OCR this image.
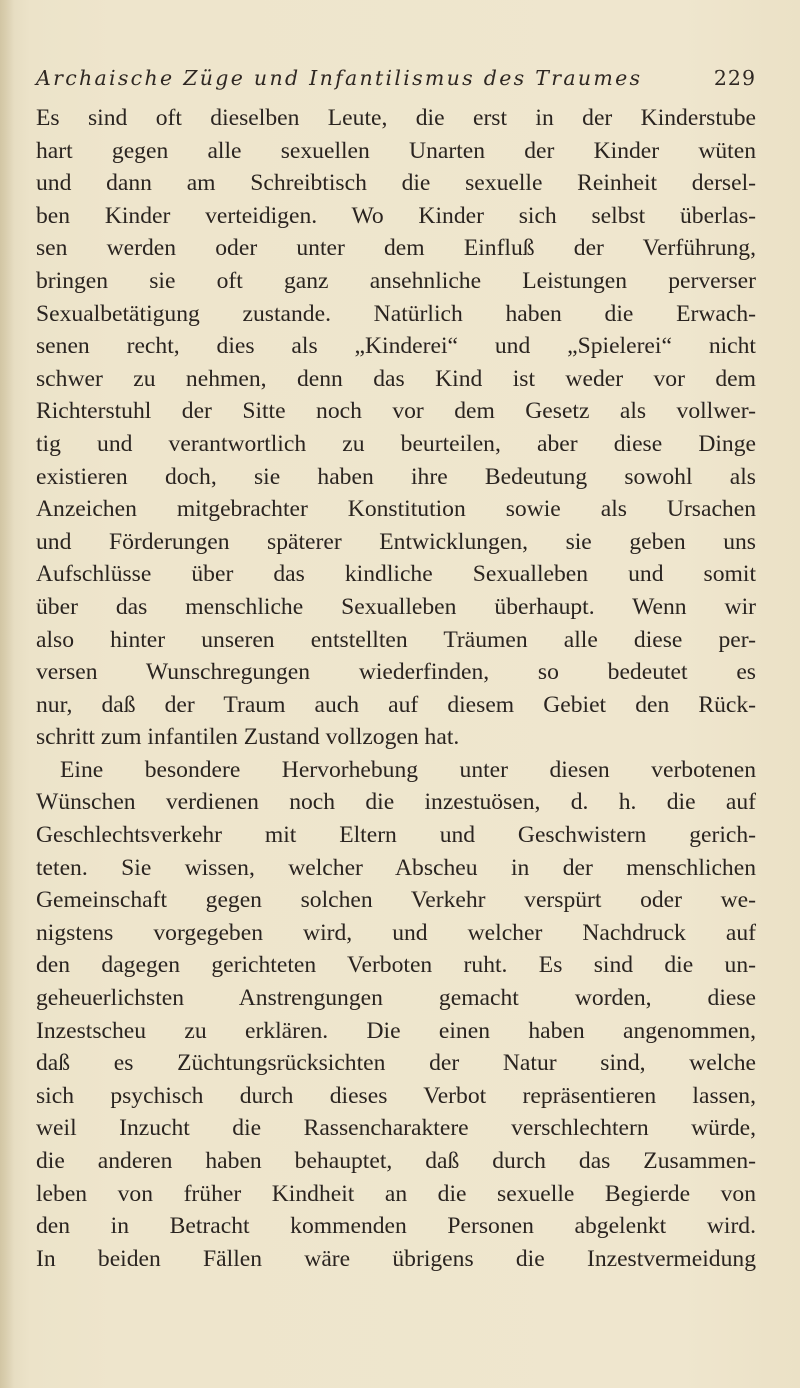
Archaische Züge und Infantilismus des Traumes	229
Es sind oft dieselben Leute, die erst in der Kinderstube
hart gegen alle sexuellen Unarten der Kinder wüten
und dann am Schreibtisch die sexuelle Reinheit dersel-
ben Kinder verteidigen. Wo Kinder sich selbst überlas-
sen werden oder unter dem Einfluß der Verführung,
bringen sie oft ganz ansehnliche Leistungen perverser
Sexualbetätigung zustande. Natürlich haben die Erwach-
senen recht, dies als „Kinderei“ und „Spielerei“ nicht
schwer zu nehmen, denn das Kind ist weder vor dem
Richterstuhl der Sitte noch vor dem Gesetz als vollwer-
tig und verantwortlich zu beurteilen, aber diese Dinge
existieren doch, sie haben ihre Bedeutung sowohl als
Anzeichen mitgebrachter Konstitution sowie als Ursachen
und Förderungen späterer Entwicklungen, sie geben uns
Aufschlüsse über das kindliche Sexualleben und somit
über das menschliche Sexualleben überhaupt. Wenn wir
also hinter unseren entstellten Träumen alle diese per-
versen Wunschregungen wiederfinden, so bedeutet es
nur, daß der Traum auch auf diesem Gebiet den Rück-
schritt zum infantilen Zustand vollzogen hat.
Eine besondere Hervorhebung unter diesen verbotenen
Wünschen verdienen noch die inzestuösen, d. h. die auf
Geschlechtsverkehr mit Eltern und Geschwistern gerich-
teten. Sie wissen, welcher Abscheu in der menschlichen
Gemeinschaft gegen solchen Verkehr verspürt oder we-
nigstens vorgegeben wird, und welcher Nachdruck auf
den dagegen gerichteten Verboten ruht. Es sind die un-
geheuerlichsten Anstrengungen gemacht worden, diese
Inzestscheu zu erklären. Die einen haben angenommen,
daß es Züchtungsrücksichten der Natur sind, welche
sich psychisch durch dieses Verbot repräsentieren lassen,
weil Inzucht die Rassencharaktere verschlechtern würde,
die anderen haben behauptet, daß durch das Zusammen-
leben von früher Kindheit an die sexuelle Begierde von
den in Betracht kommenden Personen abgelenkt wird.
In beiden Fällen wäre übrigens die Inzestvermeidung
